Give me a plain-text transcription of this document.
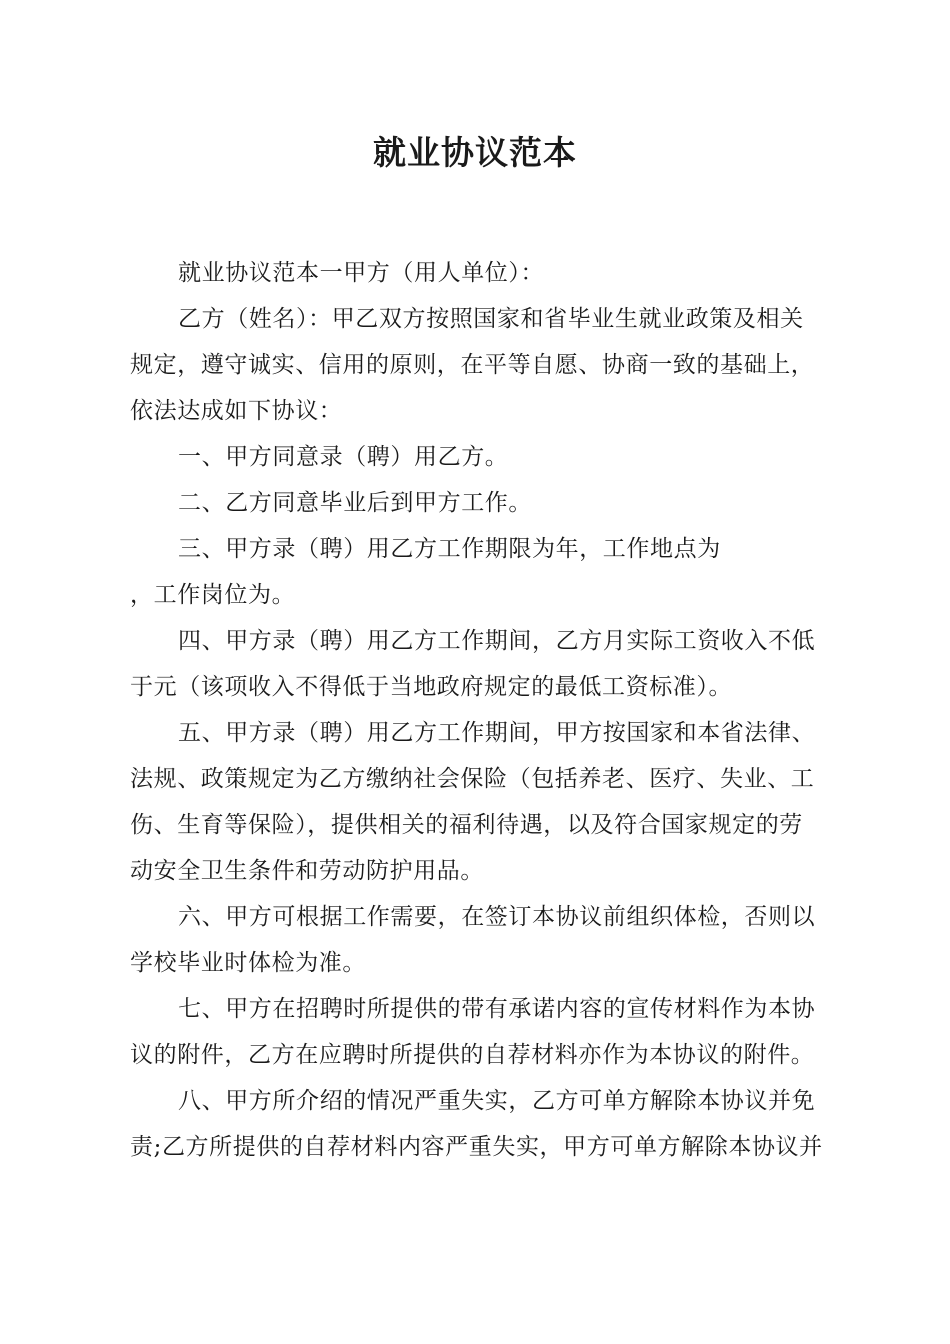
就业协议范本

就业协议范本一甲方（用人单位）：

乙方（姓名）：甲乙双方按照国家和省毕业生就业政策及相关

规定，遵守诚实、信用的原则，在平等自愿、协商一致的基础上，

依法达成如下协议：

一、甲方同意录（聘）用乙方。

二、乙方同意毕业后到甲方工作。

三、甲方录（聘）用乙方工作期限为年，工作地点为

，工作岗位为。

四、甲方录（聘）用乙方工作期间，乙方月实际工资收入不低

于元（该项收入不得低于当地政府规定的最低工资标准）。

五、甲方录（聘）用乙方工作期间，甲方按国家和本省法律、

法规、政策规定为乙方缴纳社会保险（包括养老、医疗、失业、工

伤、生育等保险），提供相关的福利待遇，以及符合国家规定的劳

动安全卫生条件和劳动防护用品。

六、甲方可根据工作需要，在签订本协议前组织体检，否则以

学校毕业时体检为准。

七、甲方在招聘时所提供的带有承诺内容的宣传材料作为本协

议的附件，乙方在应聘时所提供的自荐材料亦作为本协议的附件。

八、甲方所介绍的情况严重失实，乙方可单方解除本协议并免

责;乙方所提供的自荐材料内容严重失实，甲方可单方解除本协议并
